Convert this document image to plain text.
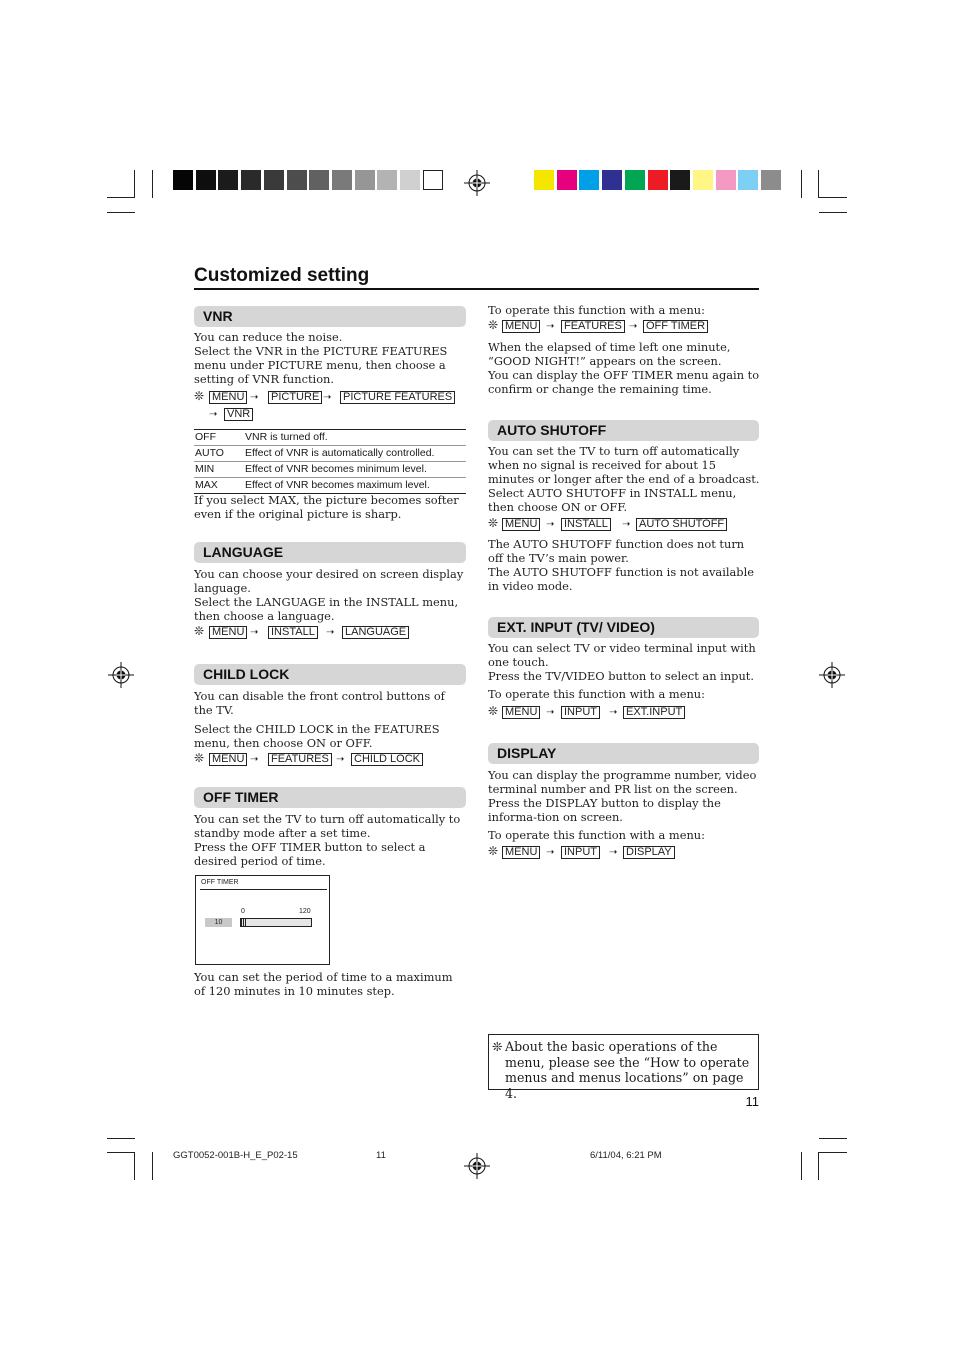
Customized setting
VNR

You can reduce the noise.

Select the VNR in the PICTURE FEATURES menu under PICTURE menu, then choose a setting of VNR function.

❊ MENU ➝ PICTURE ➝ PICTURE FEATURES
➝ VNR
OFF	VNR is turned off.
AUTO Effect of VNR is automatically controlled.
MIN	Effect of VNR becomes minimum level.
MAX	Effect of VNR becomes maximum level.
If you select MAX, the picture becomes softer even if the original picture is sharp.
LANGUAGE

You can choose your desired on screen display language.

Select the LANGUAGE in the INSTALL menu, then choose a language.

❊ MENU ➝ INSTALL	➝ LANGUAGE
CHILD LOCK

You can disable the front control buttons of the TV.

Select the CHILD LOCK in the FEATURES menu, then choose ON or OFF.

❊ MENU ➝ FEATURES ➝ CHILD LOCK
OFF TIMER

You can set the TV to turn off automatically to standby mode after a set time.

Press the OFF TIMER button to select a desired period of time.

OFF TIMER
0	120
10
You can set the period of time to a maximum of 120 minutes in 10 minutes step.
To operate this function with a menu:
❊ MENU ➝ FEATURES ➝ OFF TIMER

When the elapsed of time left one minute, “GOOD NIGHT!” appears on the screen.

You can display the OFF TIMER menu again to confirm or change the remaining time.

AUTO SHUTOFF

You can set the TV to turn off automatically when no signal is received for about 15 minutes or longer after the end of a broadcast.

Select AUTO SHUTOFF in INSTALL menu, then choose ON or OFF.

❊ MENU ➝ INSTALL	➝ AUTO SHUTOFF

The AUTO SHUTOFF function does not turn off the TV’s main power.

The AUTO SHUTOFF function is not available in video mode.

EXT. INPUT (TV/ VIDEO)

You can select TV or video terminal input with one touch.

Press the TV/VIDEO button to select an input.

To operate this function with a menu:

❊ MENU ➝ INPUT	➝ EXT.INPUT
DISPLAY

You can display the programme number, video terminal number and PR list on the screen.

Press the DISPLAY button to display the informa-tion on screen.

To operate this function with a menu:

❊ MENU ➝ INPUT	➝ DISPLAY
❊ About the basic operations of the menu, please see the “How to operate menus and menus locations” on page 4.
11
GGT0052-001B-H_E_P02-15	11	6/11/04, 6:21 PM
